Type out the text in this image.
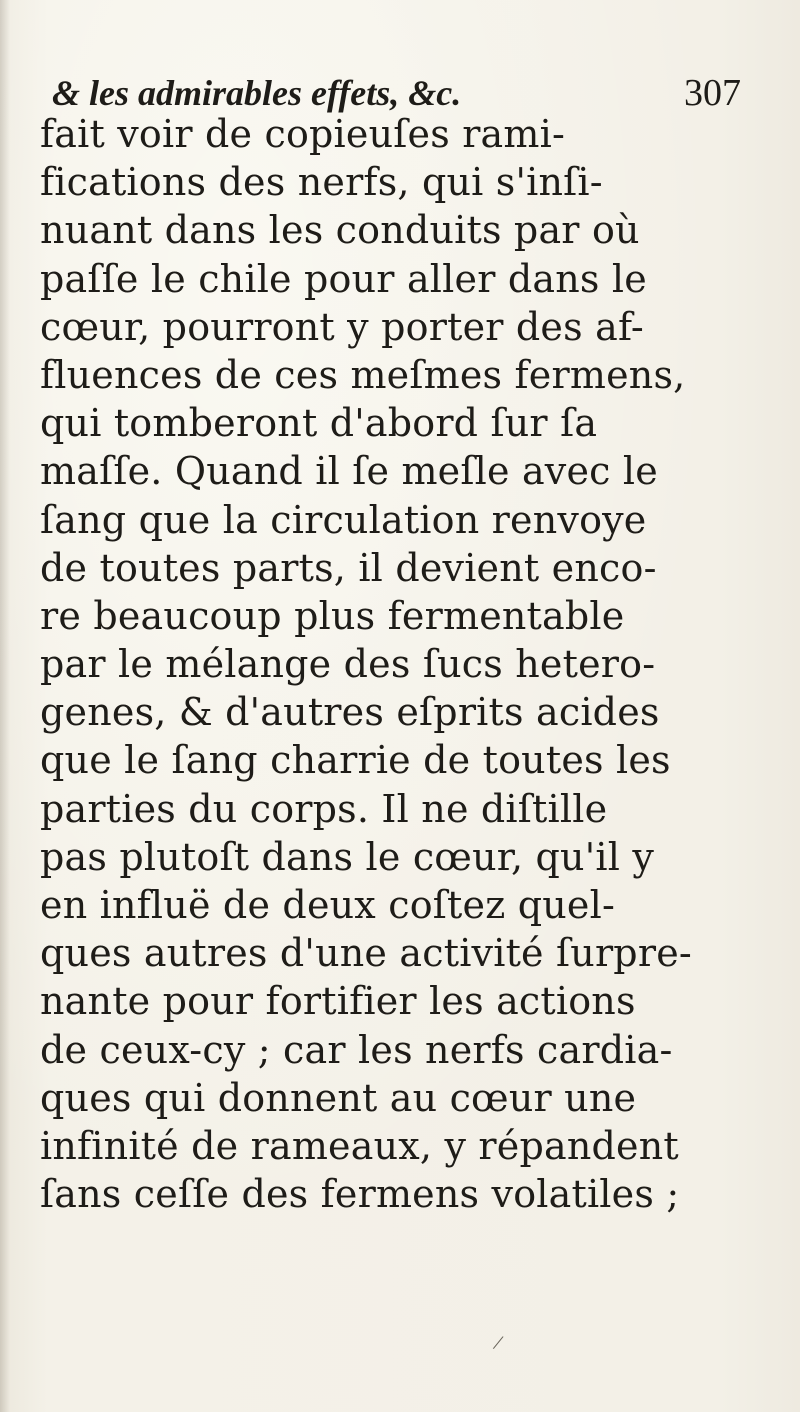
& les admirables effets, &c.	307
fait voir de copieuſes rami-
fications des nerfs, qui s'inſi-
nuant dans les conduits par où
paſſe le chile pour aller dans le
cœur, pourront y porter des af-
fluences de ces meſmes fermens,
qui tomberont d'abord ſur ſa
maſſe. Quand il ſe meſle avec le
ſang que la circulation renvoye
de toutes parts, il devient enco-
re beaucoup plus fermentable
par le mélange des ſucs hetero-
genes, & d'autres eſprits acides
que le ſang charrie de toutes les
parties du corps. Il ne diſtille
pas plutoſt dans le cœur, qu'il y
en influë de deux coſtez quel-
ques autres d'une activité ſurpre-
nante pour fortifier les actions
de ceux-cy ; car les nerfs cardia-
ques qui donnent au cœur une
infinité de rameaux, y répandent
ſans ceſſe des fermens volatiles ;
/
